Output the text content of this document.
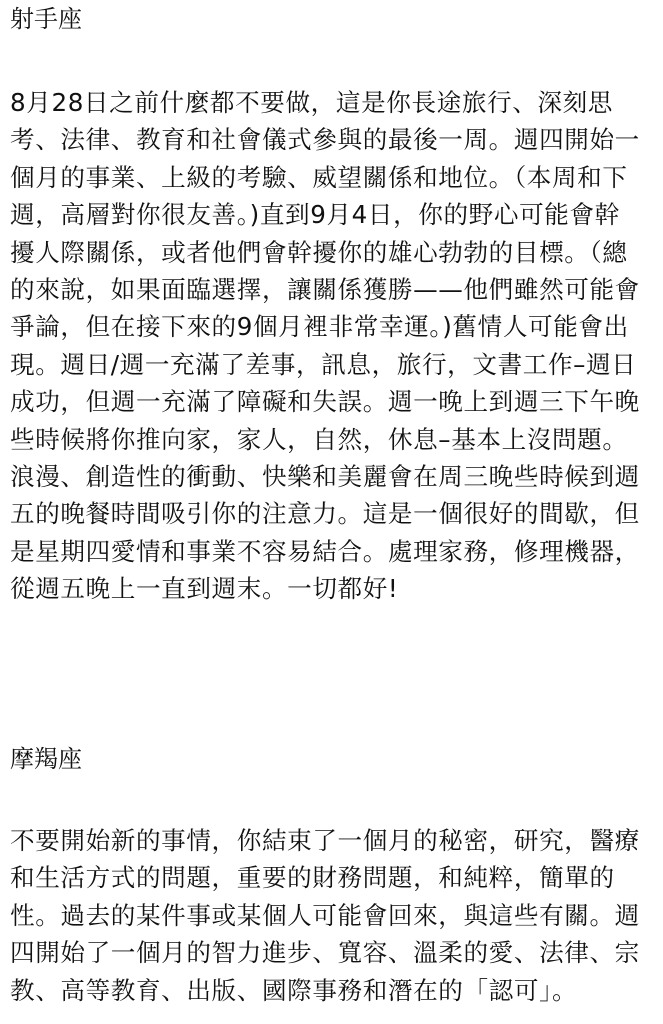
射手座
8月28日之前什麼都不要做，這是你長途旅行、深刻思
考、法律、教育和社會儀式參與的最後一周。週四開始一
個月的事業、上級的考驗、威望關係和地位。（本周和下
週，高層對你很友善。)直到9月4日，你的野心可能會幹
擾人際關係，或者他們會幹擾你的雄心勃勃的目標。（總
的來說，如果面臨選擇，讓關係獲勝——他們雖然可能會
爭論，但在接下來的9個月裡非常幸運。)舊情人可能會出
現。週日/週一充滿了差事，訊息，旅行，文書工作–週日
成功，但週一充滿了障礙和失誤。週一晚上到週三下午晚
些時候將你推向家，家人，自然，休息–基本上沒問題。
浪漫、創造性的衝動、快樂和美麗會在周三晚些時候到週
五的晚餐時間吸引你的注意力。這是一個很好的間歇，但
是星期四愛情和事業不容易結合。處理家務，修理機器，
從週五晚上一直到週末。一切都好!
摩羯座
不要開始新的事情，你結束了一個月的秘密，研究，醫療
和生活方式的問題，重要的財務問題，和純粹，簡單的
性。過去的某件事或某個人可能會回來，與這些有關。週
四開始了一個月的智力進步、寬容、溫柔的愛、法律、宗
教、高等教育、出版、國際事務和潛在的「認可」。
